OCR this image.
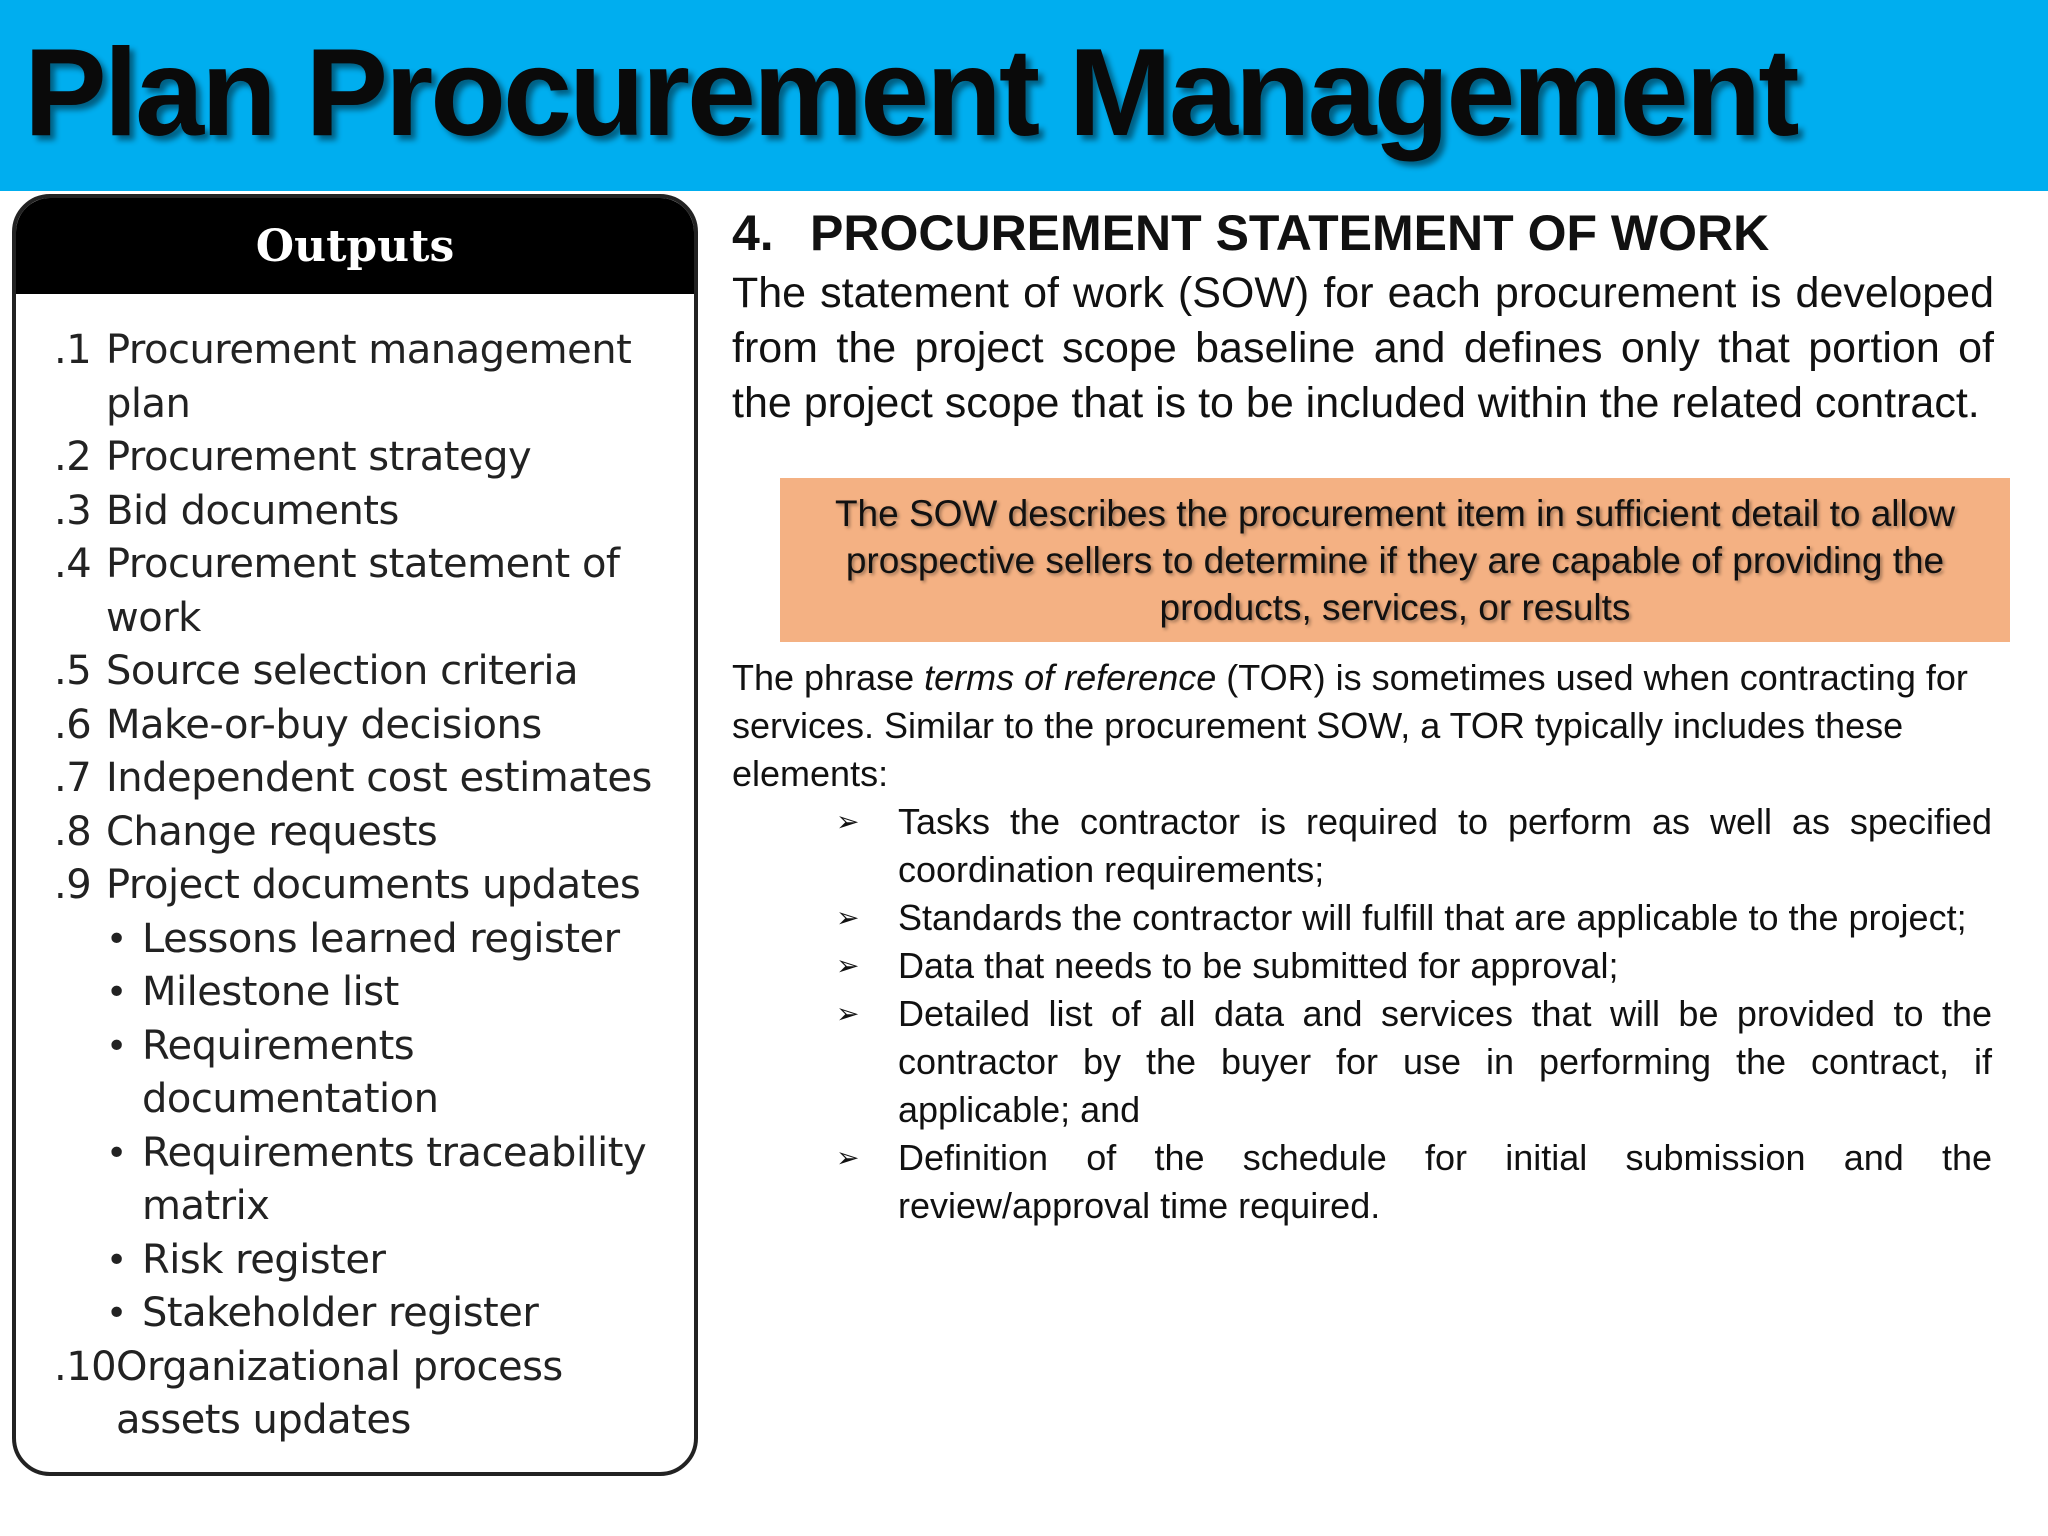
Plan Procurement Management
Outputs
.1 Procurement management plan
.2 Procurement strategy
.3 Bid documents
.4 Procurement statement of work
.5 Source selection criteria
.6 Make-or-buy decisions
.7 Independent cost estimates
.8 Change requests
.9 Project documents updates
• Lessons learned register
• Milestone list
• Requirements documentation
• Requirements traceability matrix
• Risk register
• Stakeholder register
.10 Organizational process assets updates
4. PROCUREMENT STATEMENT OF WORK

The statement of work (SOW) for each procurement is developed from the project scope baseline and defines only that portion of the project scope that is to be included within the related contract.

The SOW describes the procurement item in sufficient detail to allow prospective sellers to determine if they are capable of providing the products, services, or results

The phrase terms of reference (TOR) is sometimes used when contracting for services. Similar to the procurement SOW, a TOR typically includes these elements:

➢	Tasks the contractor is required to perform as well as specified coordination requirements;
➢	Standards the contractor will fulfill that are applicable to the project;
➢	Data that needs to be submitted for approval;
➢	Detailed list of all data and services that will be provided to the contractor by the buyer for use in performing the contract, if applicable; and
➢	Definition of the schedule for initial submission and the review/approval time required.
